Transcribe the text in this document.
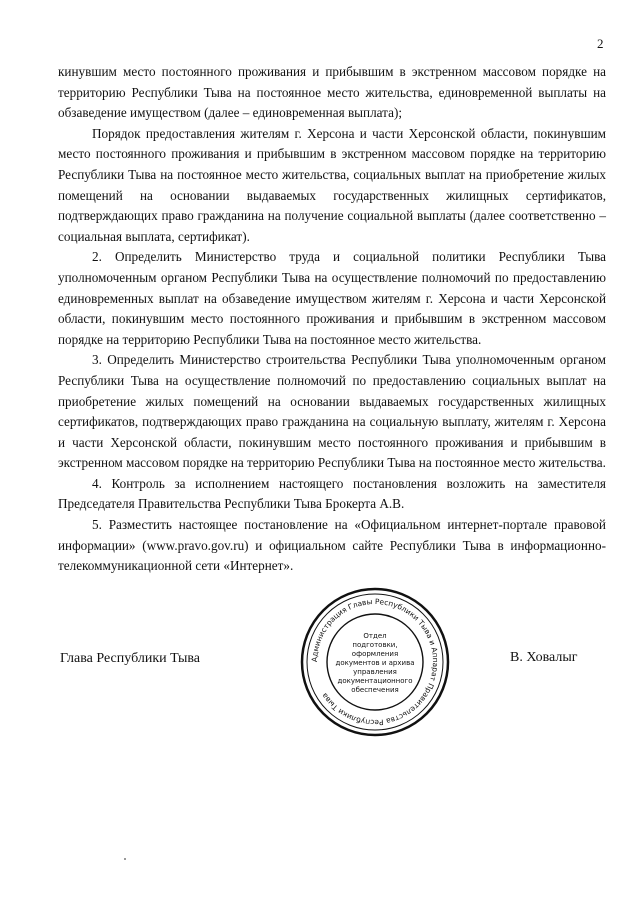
2

кинувшим место постоянного проживания и прибывшим в экстренном массовом порядке на территорию Республики Тыва на постоянное место жительства, единовременной выплаты на обзаведение имуществом (далее – единовременная выплата);

Порядок предоставления жителям г. Херсона и части Херсонской области, покинувшим место постоянного проживания и прибывшим в экстренном массовом порядке на территорию Республики Тыва на постоянное место жительства, социальных выплат на приобретение жилых помещений на основании выдаваемых государственных жилищных сертификатов, подтверждающих право гражданина на получение социальной выплаты (далее соответственно – социальная выплата, сертификат).

2. Определить Министерство труда и социальной политики Республики Тыва уполномоченным органом Республики Тыва на осуществление полномочий по предоставлению единовременных выплат на обзаведение имуществом жителям г. Херсона и части Херсонской области, покинувшим место постоянного проживания и прибывшим в экстренном массовом порядке на территорию Республики Тыва на постоянное место жительства.

3. Определить Министерство строительства Республики Тыва уполномоченным органом Республики Тыва на осуществление полномочий по предоставлению социальных выплат на приобретение жилых помещений на основании выдаваемых государственных жилищных сертификатов, подтверждающих право гражданина на социальную выплату, жителям г. Херсона и части Херсонской области, покинувшим место постоянного проживания и прибывшим в экстренном массовом порядке на территорию Республики Тыва на постоянное место жительства.

4. Контроль за исполнением настоящего постановления возложить на заместителя Председателя Правительства Республики Тыва Брокерта А.В.

5. Разместить настоящее постановление на «Официальном интернет-портале правовой информации» (www.pravo.gov.ru) и официальном сайте Республики Тыва в информационно-телекоммуникационной сети «Интернет».

Глава Республики Тыва	В. Ховалыг
Администрация Главы Республики Тыва и Аппарат Правительства Республики Тыва
Отдел
подготовки,
оформления
документов и архива
управления
документационного
обеспечения
